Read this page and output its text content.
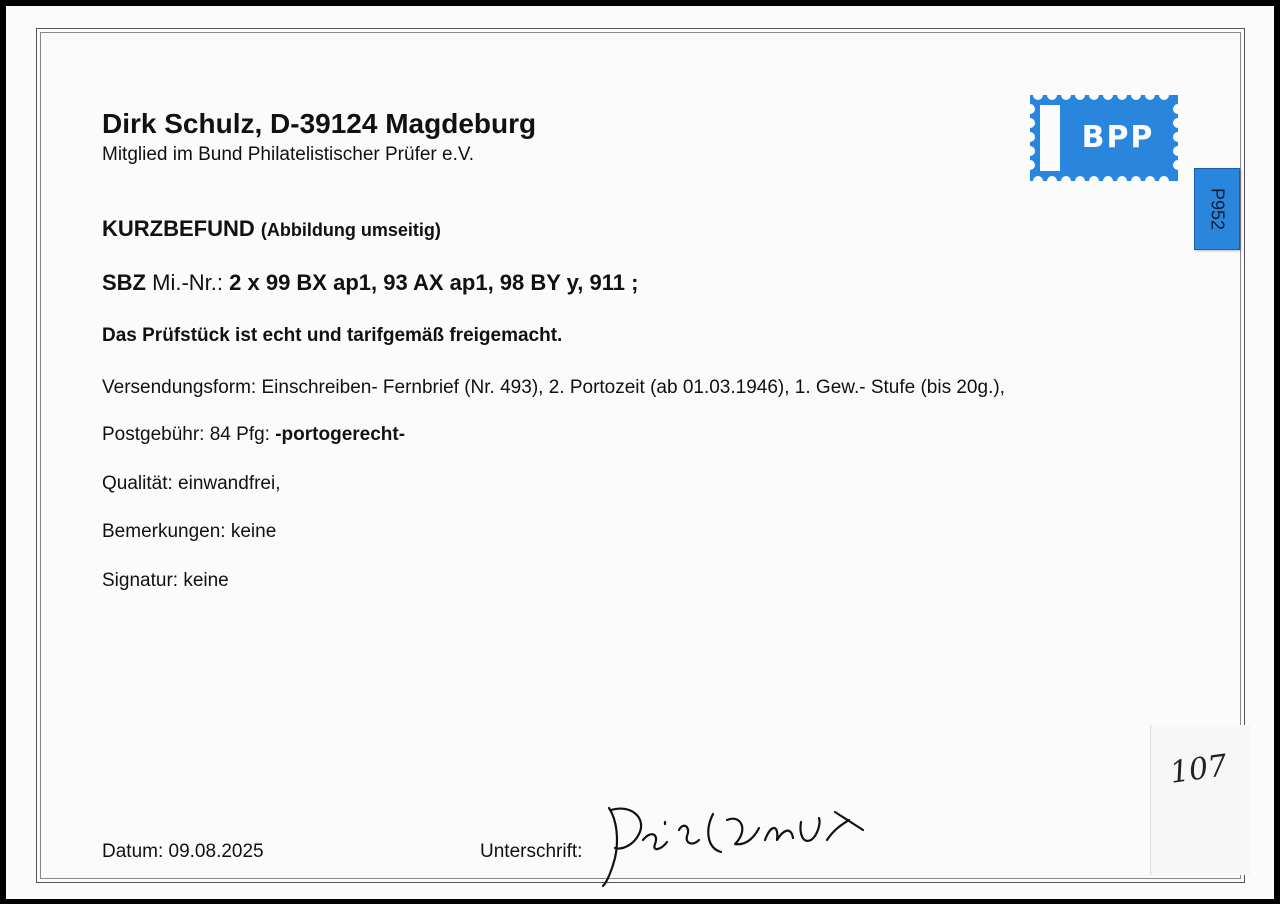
Dirk Schulz, D-39124 Magdeburg
Mitglied im Bund Philatelistischer Prüfer e.V.	BPP
P952
KURZBEFUND (Abbildung umseitig)
SBZ Mi.-Nr.: 2 x 99 BX ap1, 93 AX ap1, 98 BY y, 911 ;
Das Prüfstück ist echt und tarifgemäß freigemacht.
Versendungsform: Einschreiben- Fernbrief (Nr. 493), 2. Portozeit (ab 01.03.1946), 1. Gew.- Stufe (bis 20g.),
Postgebühr: 84 Pfg: -portogerecht-
Qualität: einwandfrei,
Bemerkungen: keine
Signatur: keine
Datum: 09.08.2025	Unterschrift:
107
